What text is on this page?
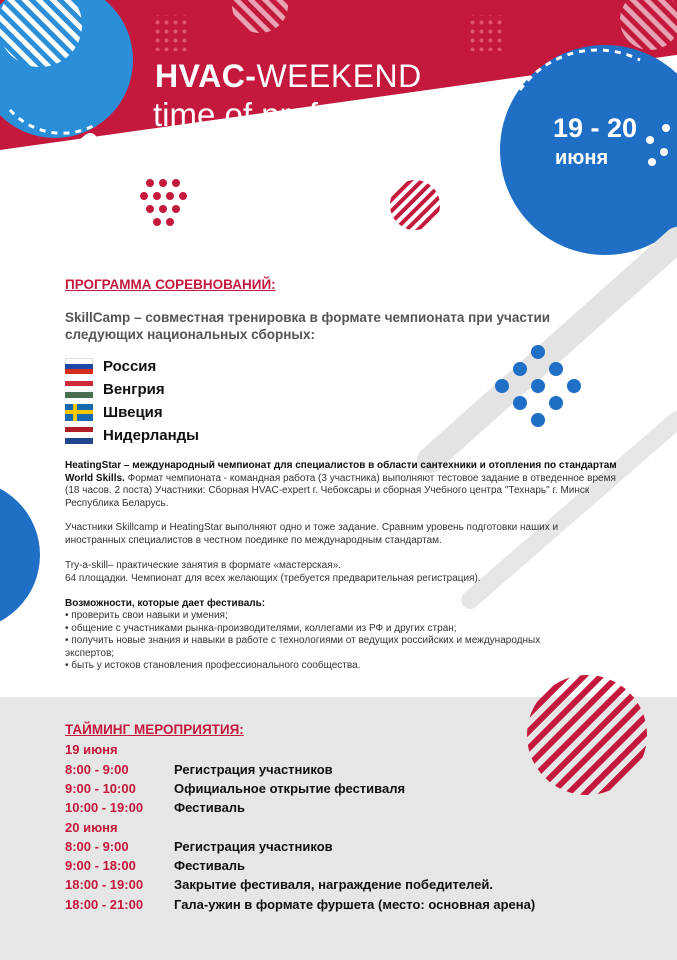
HVAC-WEEKEND
time of professionals
Время работы площадки 9:00 - 19:00
19 - 20
июня
ПРОГРАММА СОРЕВНОВАНИЙ:
SkillCamp – совместная тренировка в формате чемпионата при участии следующих национальных сборных:
Россия
Венгрия
Швеция
Нидерланды
HeatingStar – международный чемпионат для специалистов в области сантехники и отопления по стандартам World Skills. Формат чемпионата - командная работа (3 участника) выполняют тестовое задание в отведенное время (18 часов. 2 поста) Участники: Сборная HVAC-expert г. Чебоксары и сборная Учебного центра "Технарь" г. Минск Республика Беларусь.
Участники Skillcamp и HeatingStar выполняют одно и тоже задание. Сравним уровень подготовки наших и иностранных специалистов в честном поединке по международным стандартам.
Try-a-skill– практические занятия в формате «мастерская».
64 площадки. Чемпионат для всех желающих (требуется предварительная регистрация).
Возможности, которые дает фестиваль:
• проверить свои навыки и умения;
• общение с участниками рынка-производителями, коллегами из РФ и других стран;
• получить новые знания и навыки в работе с технологиями от ведущих российских и международных экспертов;
• быть у истоков становления профессионального сообщества.
ТАЙМИНГ МЕРОПРИЯТИЯ:
19 июня
8:00 - 9:00	Регистрация участников
9:00 - 10:00	Официальное открытие фестиваля
10:00 - 19:00 Фестиваль
20 июня
8:00 - 9:00	Регистрация участников
9:00 - 18:00	Фестиваль
18:00 - 19:00 Закрытие фестиваля, награждение победителей.
18:00 - 21:00 Гала-ужин в формате фуршета (место: основная арена)
